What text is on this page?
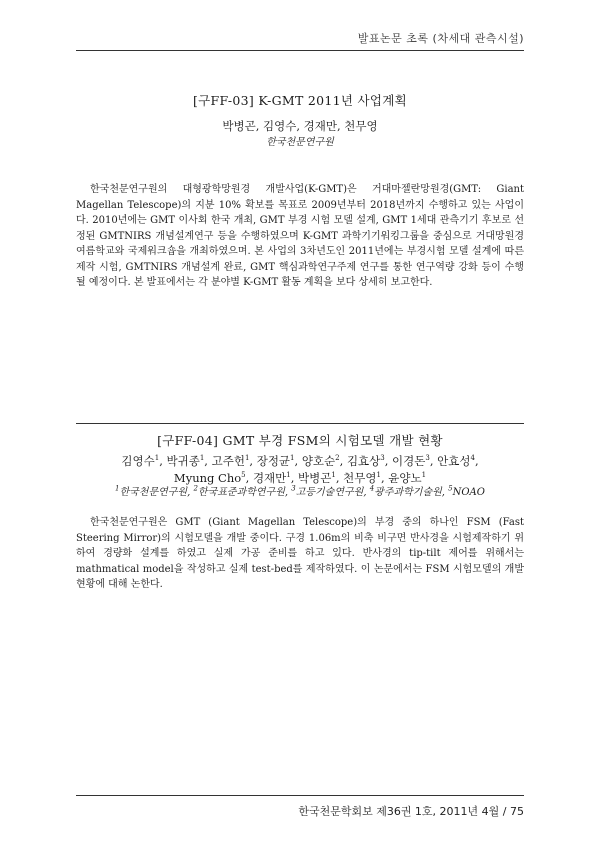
발표논문 초록 (차세대 관측시설)
[구FF-03] K-GMT 2011년 사업계획
박병곤, 김영수, 경재만, 천무영
한국천문연구원

한국천문연구원의 대형광학망원경 개발사업(K-GMT)은 거대마젤란망원경(GMT: Giant Magellan Telescope)의 지분 10% 확보를 목표로 2009년부터 2018년까지 수행하고 있는 사업이다. 2010년에는 GMT 이사회 한국 개최, GMT 부경 시험 모델 설계, GMT 1세대 관측기기 후보로 선정된 GMTNIRS 개념설계연구 등을 수행하였으며 K-GMT 과학기기워킹그룹을 중심으로 거대망원경 여름학교와 국제워크숍을 개최하였으며. 본 사업의 3차년도인 2011년에는 부경시험 모델 설계에 따른 제작 시험, GMTNIRS 개념설계 완료, GMT 핵심과학연구주제 연구를 통한 연구역량 강화 등이 수행될 예정이다. 본 발표에서는 각 분야별 K-GMT 활동 계획을 보다 상세히 보고한다.

[구FF-04] GMT 부경 FSM의 시험모델 개발 현황
김영수$^1$, 박귀종$^1$, 고주헌$^1$, 장정균$^1$, 양호순$^2$, 김효상$^3$, 이경돈$^3$, 안효성$^4$,
Myung Cho$^5$, 경재만$^1$, 박병곤$^1$, 천무영$^1$, 윤양노$^1$
$^1$한국천문연구원, $^2$한국표준과학연구원, $^3$고등기술연구원, $^4$광주과학기술원, $^5$NOAO

한국천문연구원은 GMT (Giant Magellan Telescope)의 부경 중의 하나인 FSM (Fast Steering Mirror)의 시험모델을 개발 중이다. 구경 1.06m의 비축 비구면 반사경을 시험제작하기 위하여 경량화 설계를 하였고 실제 가공 준비를 하고 있다. 반사경의 tip-tilt 제어를 위해서는 mathmatical model을 작성하고 실제 test-bed를 제작하였다. 이 논문에서는 FSM 시험모델의 개발 현황에 대해 논한다.

한국천문학회보 제36권 1호, 2011년 4월 / 75
